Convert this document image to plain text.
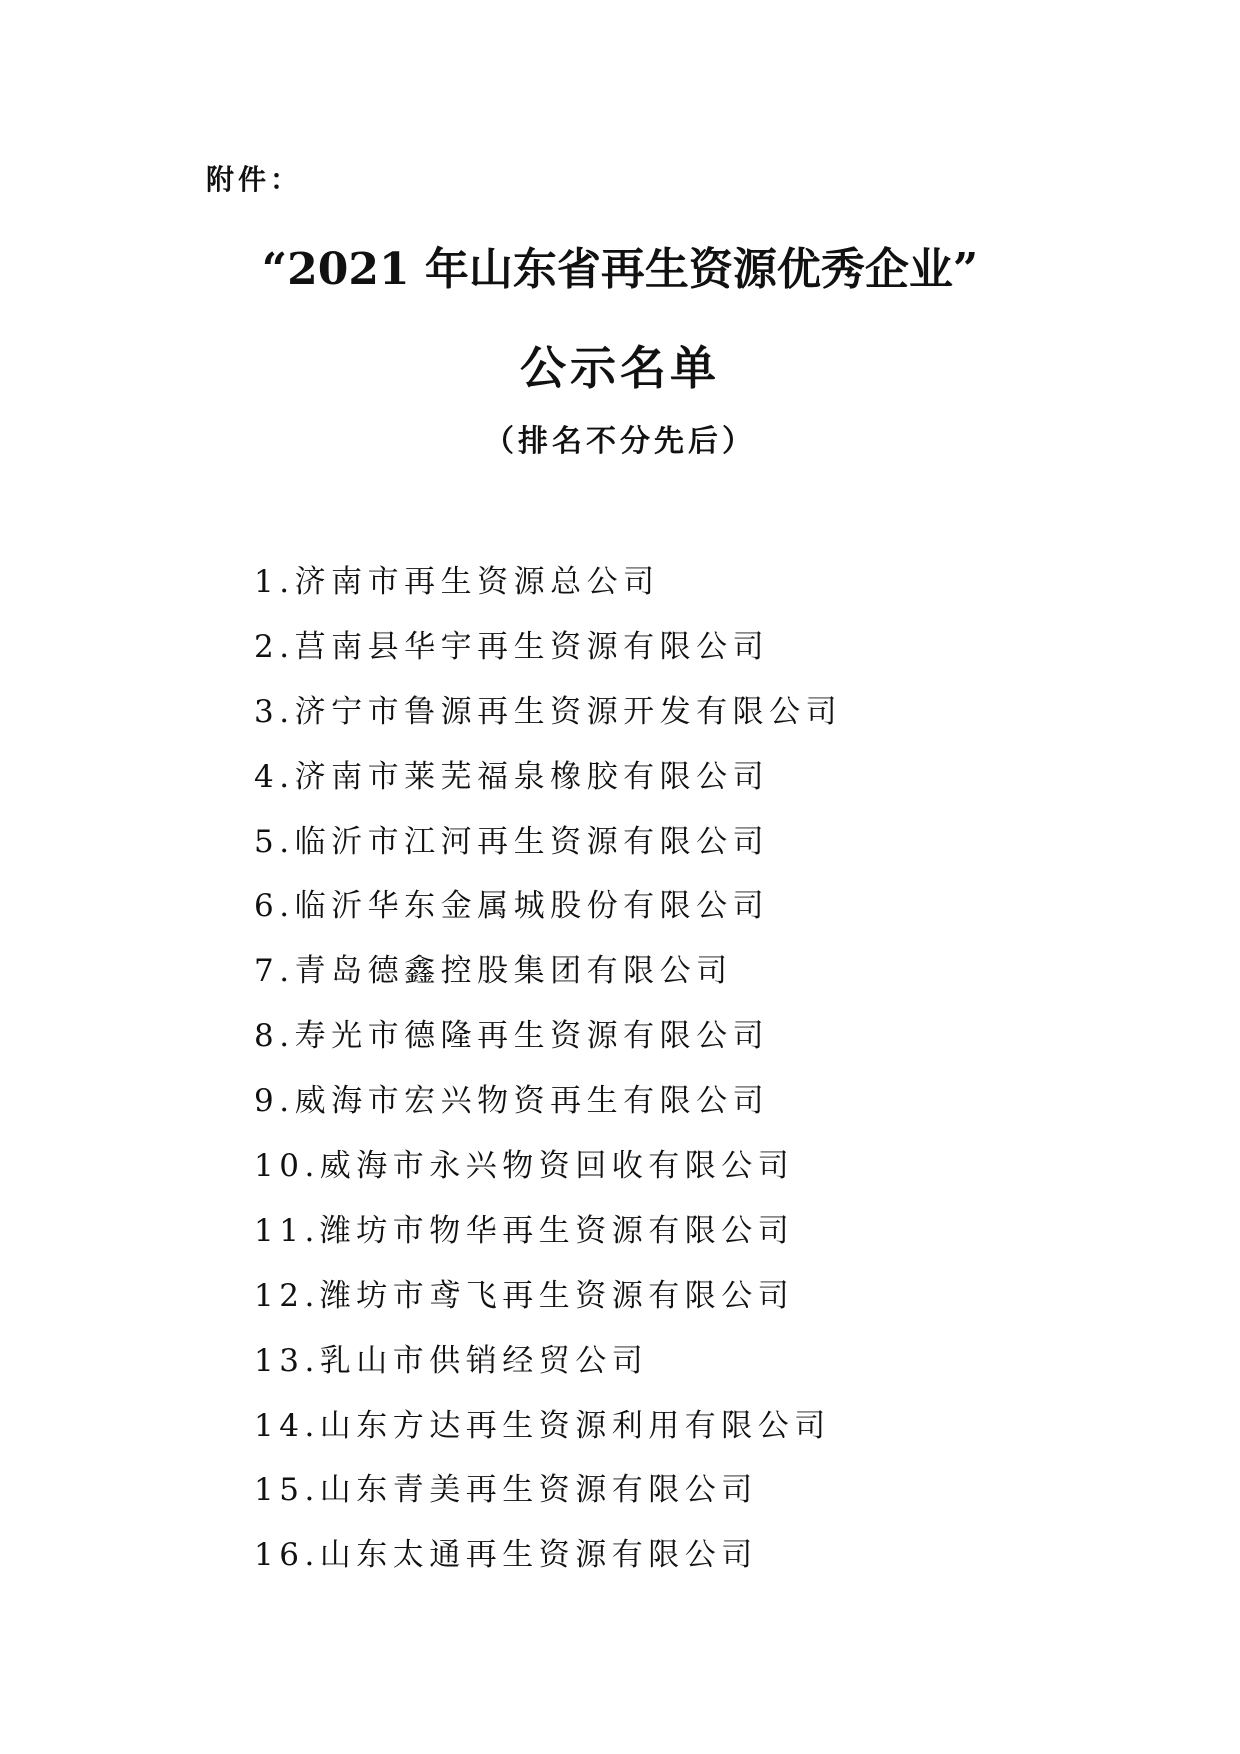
附件：
“2021 年山东省再生资源优秀企业”
公示名单
（排名不分先后）
1.济南市再生资源总公司
2.莒南县华宇再生资源有限公司
3.济宁市鲁源再生资源开发有限公司
4.济南市莱芜福泉橡胶有限公司
5.临沂市江河再生资源有限公司
6.临沂华东金属城股份有限公司
7.青岛德鑫控股集团有限公司
8.寿光市德隆再生资源有限公司
9.威海市宏兴物资再生有限公司
10.威海市永兴物资回收有限公司
11.潍坊市物华再生资源有限公司
12.潍坊市鸢飞再生资源有限公司
13.乳山市供销经贸公司
14.山东方达再生资源利用有限公司
15.山东青美再生资源有限公司
16.山东太通再生资源有限公司
